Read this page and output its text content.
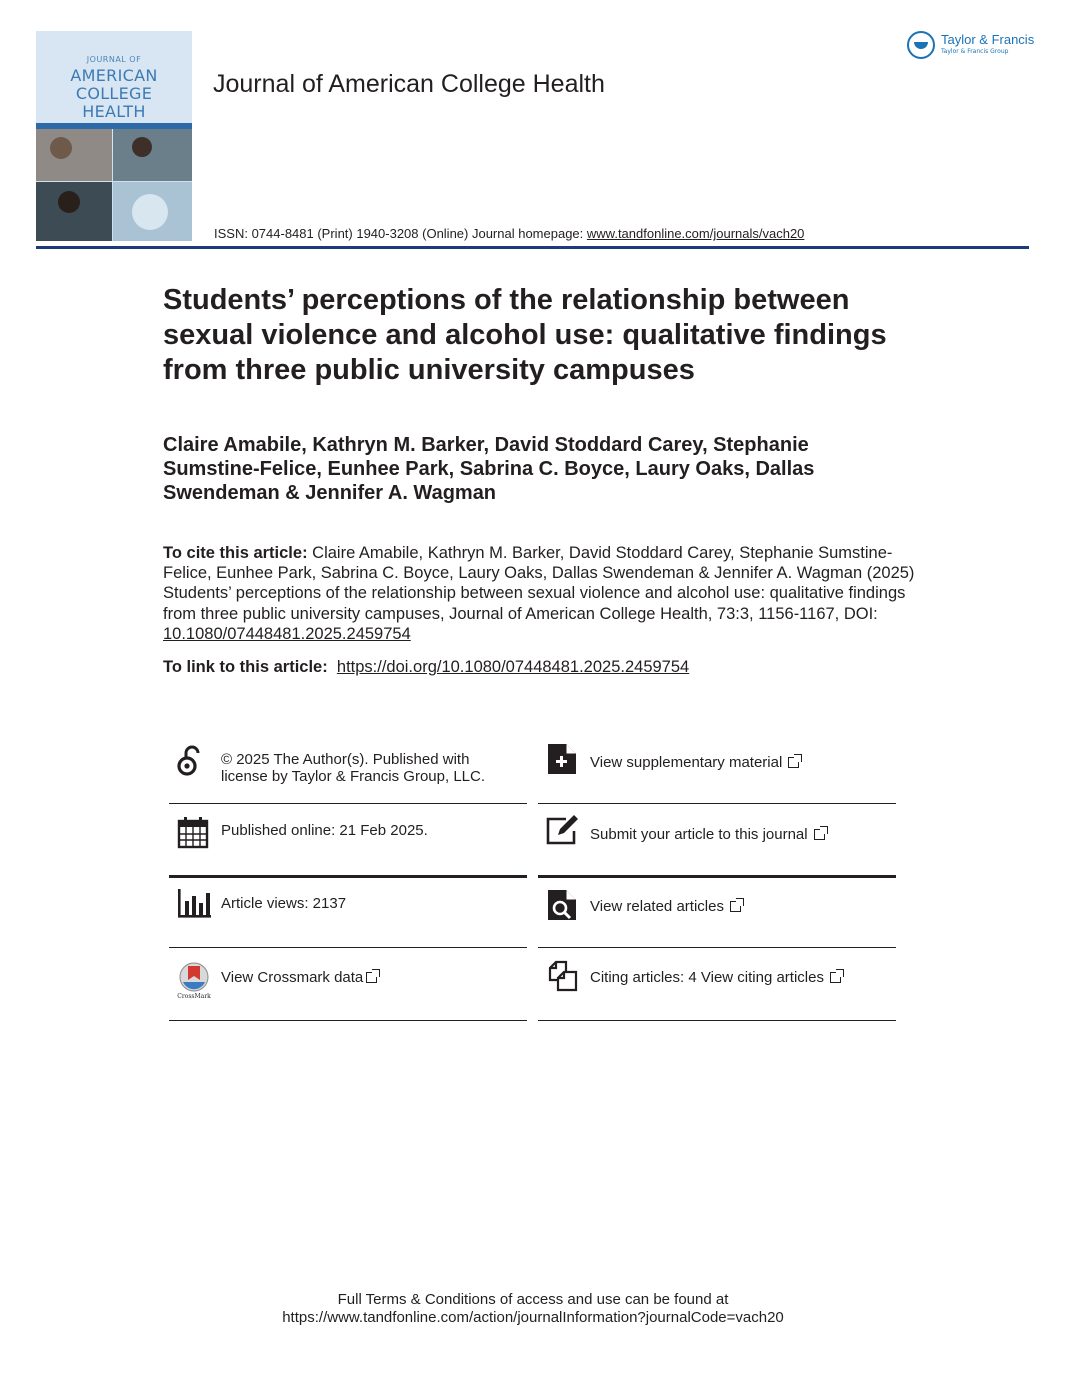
JOURNAL OF
AMERICAN
COLLEGE
HEALTH
Journal of American College Health
Taylor & Francis
Taylor & Francis Group
ISSN: 0744-8481 (Print) 1940-3208 (Online) Journal homepage: www.tandfonline.com/journals/vach20
Students’ perceptions of the relationship between sexual violence and alcohol use: qualitative findings from three public university campuses
Claire Amabile, Kathryn M. Barker, David Stoddard Carey, Stephanie Sumstine-Felice, Eunhee Park, Sabrina C. Boyce, Laury Oaks, Dallas Swendeman & Jennifer A. Wagman
To cite this article: Claire Amabile, Kathryn M. Barker, David Stoddard Carey, Stephanie Sumstine-Felice, Eunhee Park, Sabrina C. Boyce, Laury Oaks, Dallas Swendeman & Jennifer A. Wagman (2025) Students’ perceptions of the relationship between sexual violence and alcohol use: qualitative findings from three public university campuses, Journal of American College Health, 73:3, 1156-1167, DOI: 10.1080/07448481.2025.2459754
To link to this article: https://doi.org/10.1080/07448481.2025.2459754
© 2025 The Author(s). Published with
license by Taylor & Francis Group, LLC.
Published online: 21 Feb 2025.
Article views: 2137
CrossMark
View Crossmark data
View supplementary material
Submit your article to this journal
View related articles
Citing articles: 4 View citing articles
Full Terms & Conditions of access and use can be found at
https://www.tandfonline.com/action/journalInformation?journalCode=vach20
